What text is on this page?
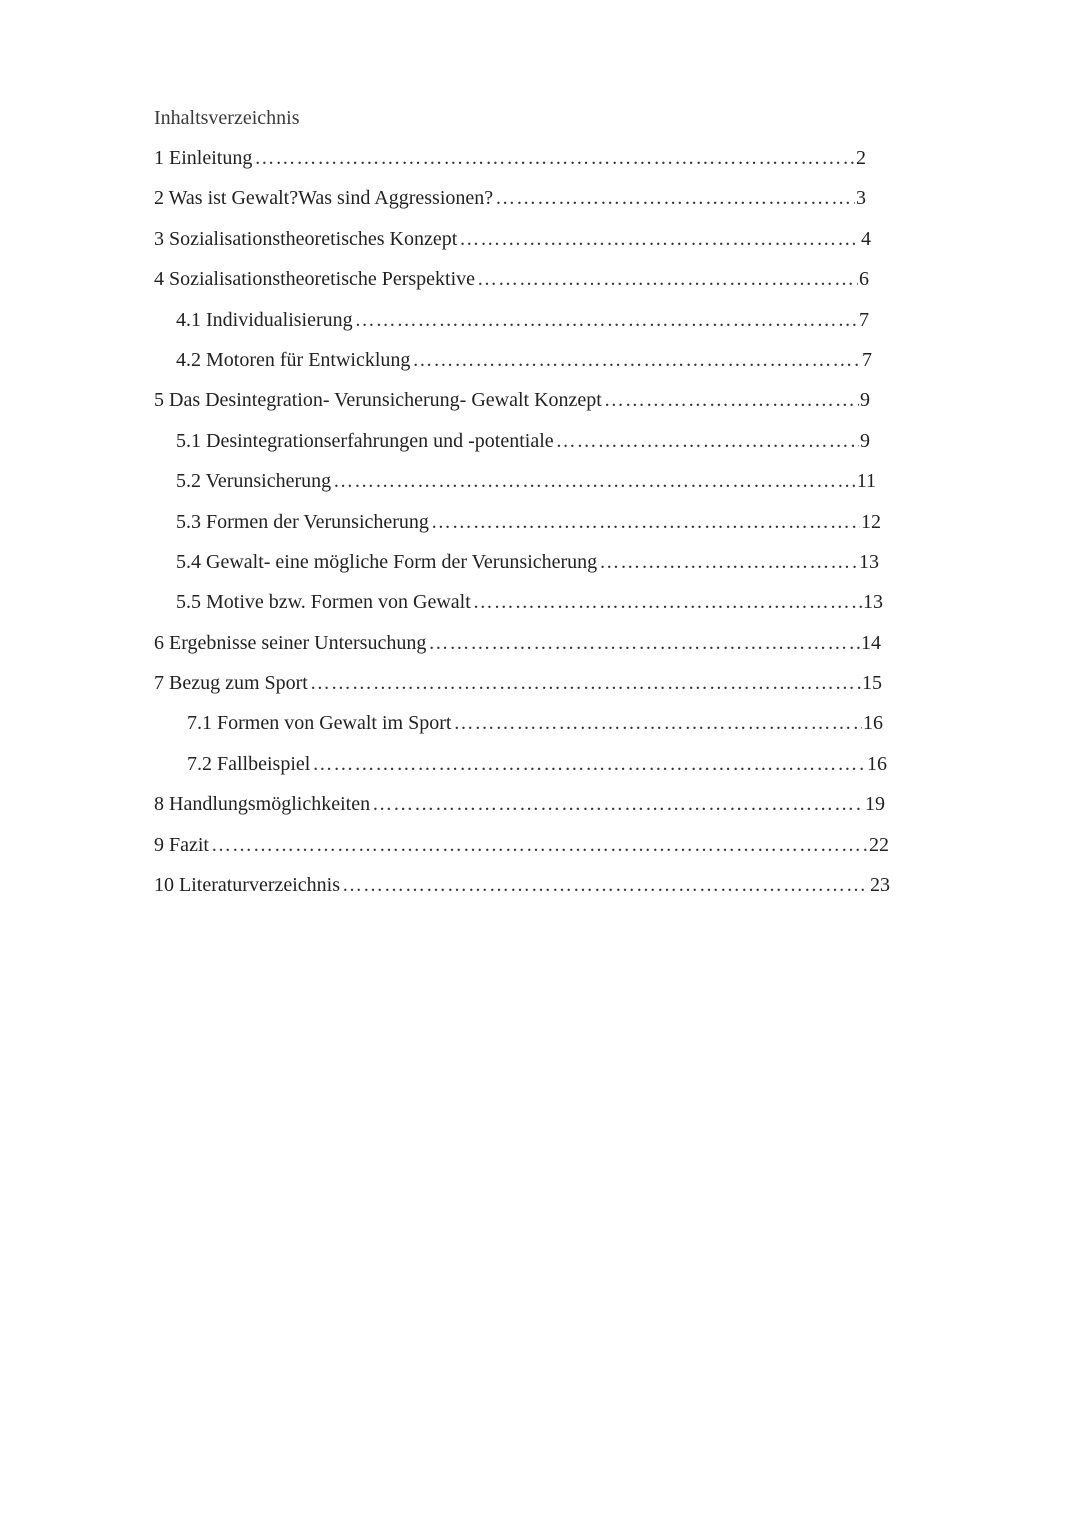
Inhaltsverzeichnis
1 Einleitung ………………………………………………………………………………………………………………………………………………………………………………	2
2 Was ist Gewalt?Was sind Aggressionen? ………………………………………………………………………………………………………………………………………………………………………………	3
3 Sozialisationstheoretisches Konzept ………………………………………………………………………………………………………………………………………………………………………………	4
4 Sozialisationstheoretische Perspektive ………………………………………………………………………………………………………………………………………………………………………………	6
4.1 Individualisierung ………………………………………………………………………………………………………………………………………………………………………………	7
4.2 Motoren für Entwicklung ………………………………………………………………………………………………………………………………………………………………………………	7
5 Das Desintegration- Verunsicherung- Gewalt Konzept ………………………………………………………………………………………………………………………………………………………………………………	9
5.1 Desintegrationserfahrungen und -potentiale ………………………………………………………………………………………………………………………………………………………………………………	9
5.2 Verunsicherung ………………………………………………………………………………………………………………………………………………………………………………	11
5.3 Formen der Verunsicherung ………………………………………………………………………………………………………………………………………………………………………………	12
5.4 Gewalt- eine mögliche Form der Verunsicherung ………………………………………………………………………………………………………………………………………………………………………………	13
5.5 Motive bzw. Formen von Gewalt ………………………………………………………………………………………………………………………………………………………………………………	13
6 Ergebnisse seiner Untersuchung ………………………………………………………………………………………………………………………………………………………………………………	14
7 Bezug zum Sport ………………………………………………………………………………………………………………………………………………………………………………	15
7.1 Formen von Gewalt im Sport ………………………………………………………………………………………………………………………………………………………………………………	16
7.2 Fallbeispiel ………………………………………………………………………………………………………………………………………………………………………………	16
8 Handlungsmöglichkeiten ………………………………………………………………………………………………………………………………………………………………………………	19
9 Fazit ………………………………………………………………………………………………………………………………………………………………………………	22
10 Literaturverzeichnis ………………………………………………………………………………………………………………………………………………………………………………	23
